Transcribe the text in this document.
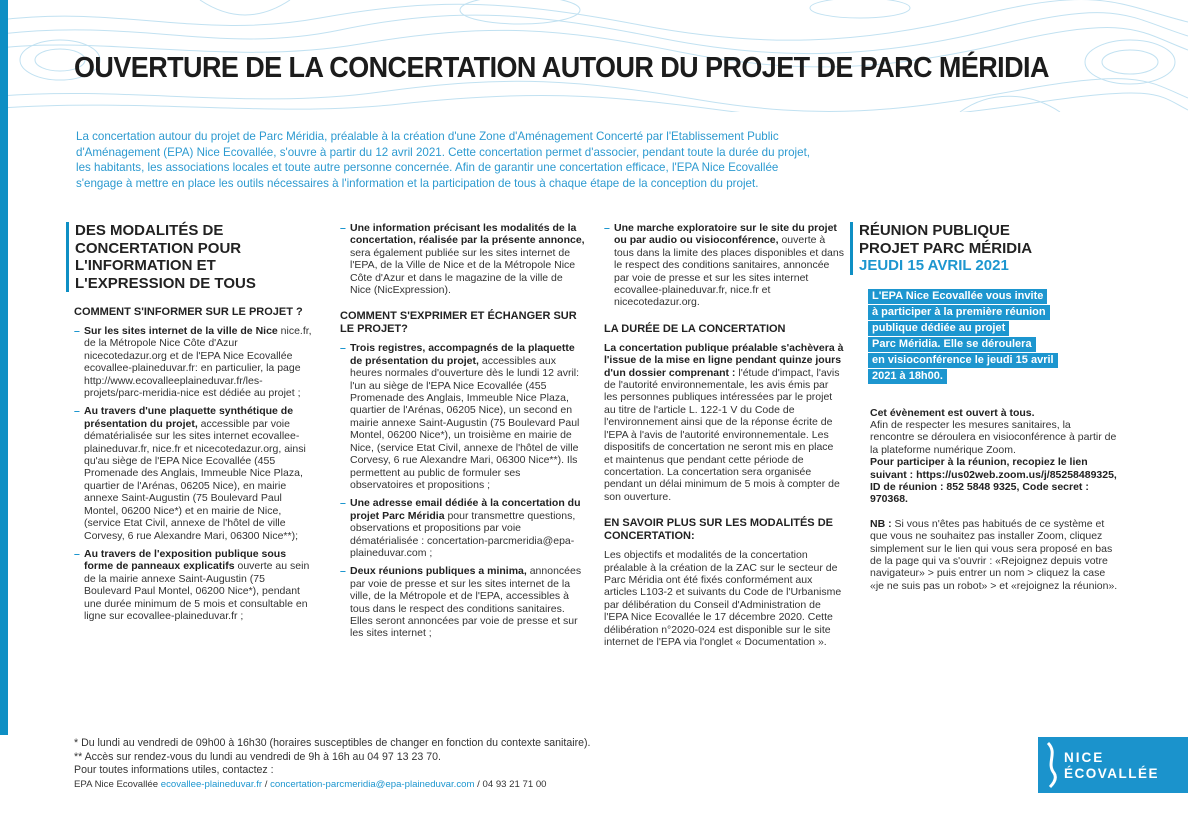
OUVERTURE DE LA CONCERTATION AUTOUR DU PROJET DE PARC MÉRIDIA
La concertation autour du projet de Parc Méridia, préalable à la création d'une Zone d'Aménagement Concerté par l'Etablissement Public d'Aménagement (EPA) Nice Ecovallée, s'ouvre à partir du 12 avril 2021. Cette concertation permet d'associer, pendant toute la durée du projet, les habitants, les associations locales et toute autre personne concernée. Afin de garantir une concertation efficace, l'EPA Nice Ecovallée s'engage à mettre en place les outils nécessaires à l'information et la participation de tous à chaque étape de la conception du projet.
DES MODALITÉS DE CONCERTATION POUR L'INFORMATION ET L'EXPRESSION DE TOUS
COMMENT S'INFORMER SUR LE PROJET ?
– Sur les sites internet de la ville de Nice nice.fr, de la Métropole Nice Côte d'Azur nicecotedazur.org et de l'EPA Nice Ecovallée ecovallee-plaineduvar.fr: en particulier, la page http://www.ecovalleeplaineduvar.fr/les-projets/parc-meridia-nice est dédiée au projet ;
– Au travers d'une plaquette synthétique de présentation du projet, accessible par voie dématérialisée sur les sites internet ecovallee-plaineduvar.fr, nice.fr et nicecotedazur.org, ainsi qu'au siège de l'EPA Nice Ecovallée (455 Promenade des Anglais, Immeuble Nice Plaza, quartier de l'Arénas, 06205 Nice), en mairie annexe Saint-Augustin (75 Boulevard Paul Montel, 06200 Nice*) et en mairie de Nice, (service Etat Civil, annexe de l'hôtel de ville Corvesy, 6 rue Alexandre Mari, 06300 Nice**);
– Au travers de l'exposition publique sous forme de panneaux explicatifs ouverte au sein de la mairie annexe Saint-Augustin (75 Boulevard Paul Montel, 06200 Nice*), pendant une durée minimum de 5 mois et consultable en ligne sur ecovallee-plaineduvar.fr ;
– Une information précisant les modalités de la concertation, réalisée par la présente annonce, sera également publiée sur les sites internet de l'EPA, de la Ville de Nice et de la Métropole Nice Côte d'Azur et dans le magazine de la ville de Nice (NicExpression).
COMMENT S'EXPRIMER ET ÉCHANGER SUR LE PROJET?
– Trois registres, accompagnés de la plaquette de présentation du projet, accessibles aux heures normales d'ouverture dès le lundi 12 avril: l'un au siège de l'EPA Nice Ecovallée (455 Promenade des Anglais, Immeuble Nice Plaza, quartier de l'Arénas, 06205 Nice), un second en mairie annexe Saint-Augustin (75 Boulevard Paul Montel, 06200 Nice*), un troisième en mairie de Nice, (service Etat Civil, annexe de l'hôtel de ville Corvesy, 6 rue Alexandre Mari, 06300 Nice**). Ils permettent au public de formuler ses observatoires et propositions ;
– Une adresse email dédiée à la concertation du projet Parc Méridia pour transmettre questions, observations et propositions par voie dématérialisée : concertation-parcmeridia@epa-plaineduvar.com ;
– Deux réunions publiques a minima, annoncées par voie de presse et sur les sites internet de la ville, de la Métropole et de l'EPA, accessibles à tous dans le respect des conditions sanitaires. Elles seront annoncées par voie de presse et sur les sites internet ;
– Une marche exploratoire sur le site du projet ou par audio ou visioconférence, ouverte à tous dans la limite des places disponibles et dans le respect des conditions sanitaires, annoncée par voie de presse et sur les sites internet ecovallee-plaineduvar.fr, nice.fr et nicecotedazur.org.
LA DURÉE DE LA CONCERTATION

La concertation publique préalable s'achèvera à l'issue de la mise en ligne pendant quinze jours d'un dossier comprenant : l'étude d'impact, l'avis de l'autorité environnementale, les avis émis par les personnes publiques intéressées par le projet au titre de l'article L. 122-1 V du Code de l'environnement ainsi que de la réponse écrite de l'EPA à l'avis de l'autorité environnementale. Les dispositifs de concertation ne seront mis en place et maintenus que pendant cette période de concertation. La concertation sera organisée pendant un délai minimum de 5 mois à compter de son ouverture.

EN SAVOIR PLUS SUR LES MODALITÉS DE CONCERTATION:

Les objectifs et modalités de la concertation préalable à la création de la ZAC sur le secteur de Parc Méridia ont été fixés conformément aux articles L103-2 et suivants du Code de l'Urbanisme par délibération du Conseil d'Administration de l'EPA Nice Ecovallée le 17 décembre 2020. Cette délibération n°2020-024 est disponible sur le site internet de l'EPA via l'onglet « Documentation ».

RÉUNION PUBLIQUE
PROJET PARC MÉRIDIA
JEUDI 15 AVRIL 2021
L'EPA Nice Ecovallée vous invite
à participer à la première réunion
publique dédiée au projet
Parc Méridia. Elle se déroulera
en visioconférence le jeudi 15 avril
2021 à 18h00.
Cet évènement est ouvert à tous.

Afin de respecter les mesures sanitaires, la rencontre se déroulera en visioconférence à partir de la plateforme numérique Zoom.

Pour participer à la réunion, recopiez le lien suivant : https://us02web.zoom.us/j/85258489325, ID de réunion : 852 5848 9325, Code secret : 970368.

NB : Si vous n'êtes pas habitués de ce système et que vous ne souhaitez pas installer Zoom, cliquez simplement sur le lien qui vous sera proposé en bas de la page qui va s'ouvrir : «Rejoignez depuis votre navigateur» > puis entrer un nom > cliquez la case «je ne suis pas un robot» > et «rejoignez la réunion».

* Du lundi au vendredi de 09h00 à 16h30 (horaires susceptibles de changer en fonction du contexte sanitaire).
** Accès sur rendez-vous du lundi au vendredi de 9h à 16h au 04 97 13 23 70.
Pour toutes informations utiles, contactez :
EPA Nice Ecovallée ecovallee-plaineduvar.fr / concertation-parcmeridia@epa-plaineduvar.com / 04 93 21 71 00
NICE
ÉCOVALLÉE
